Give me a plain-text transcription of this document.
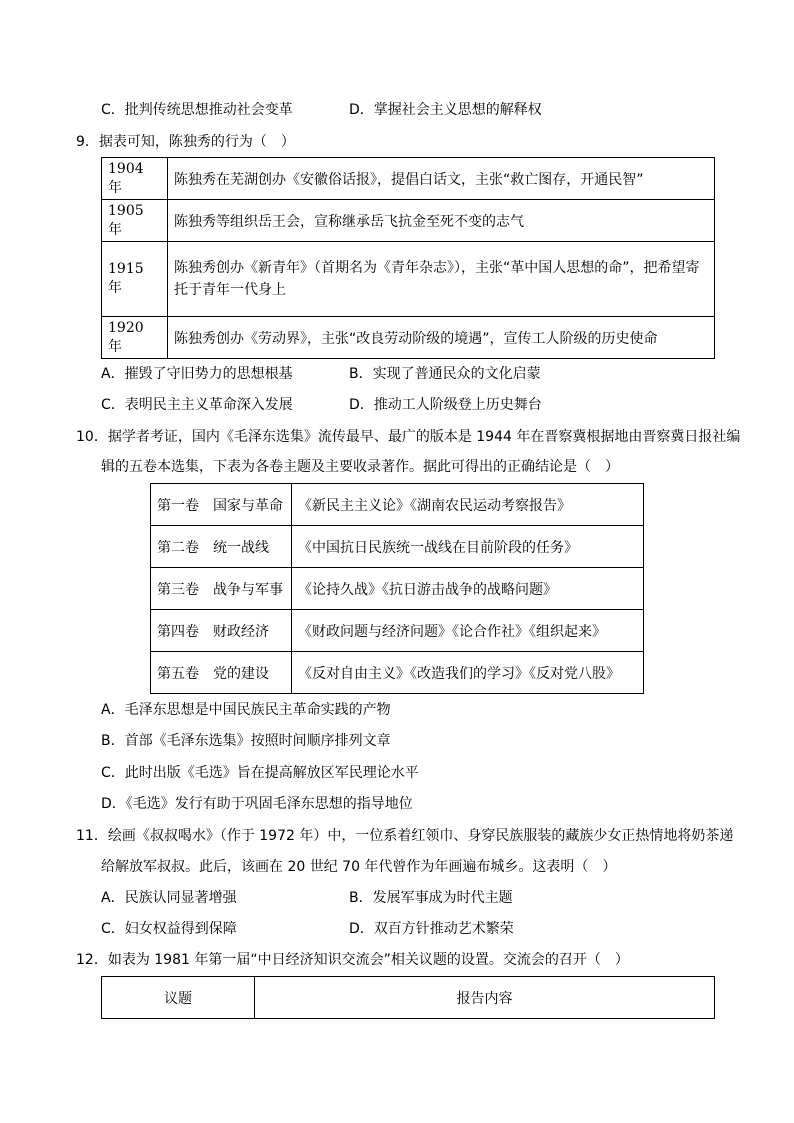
C．批判传统思想推动社会变革	D．掌握社会主义思想的解释权
9．据表可知，陈独秀的行为（　）
1904 年	陈独秀在芜湖创办《安徽俗话报》，提倡白话文，主张“救亡图存，开通民智”
1905 年	陈独秀等组织岳王会，宣称继承岳飞抗金至死不变的志气
1915 年	陈独秀创办《新青年》（首期名为《青年杂志》），主张“革中国人思想的命”，把希望寄托于青年一代身上
1920 年	陈独秀创办《劳动界》，主张“改良劳动阶级的境遇”，宣传工人阶级的历史使命
A．摧毁了守旧势力的思想根基	B．实现了普通民众的文化启蒙
C．表明民主主义革命深入发展	D．推动工人阶级登上历史舞台
10．据学者考证，国内《毛泽东选集》流传最早、最广的版本是 1944 年在晋察冀根据地由晋察冀日报社编
辑的五卷本选集，下表为各卷主题及主要收录著作。据此可得出的正确结论是（　）
第一卷　国家与革命	《新民主主义论》《湖南农民运动考察报告》
第二卷　统一战线	《中国抗日民族统一战线在目前阶段的任务》
第三卷　战争与军事	《论持久战》《抗日游击战争的战略问题》
第四卷　财政经济	《财政问题与经济问题》《论合作社》《组织起来》
第五卷　党的建设	《反对自由主义》《改造我们的学习》《反对党八股》
A．毛泽东思想是中国民族民主革命实践的产物
B．首部《毛泽东选集》按照时间顺序排列文章
C．此时出版《毛选》旨在提高解放区军民理论水平
D．《毛选》发行有助于巩固毛泽东思想的指导地位
11．绘画《叔叔喝水》（作于 1972 年）中，一位系着红领巾、身穿民族服装的藏族少女正热情地将奶茶递
给解放军叔叔。此后，该画在 20 世纪 70 年代曾作为年画遍布城乡。这表明（　）
A．民族认同显著增强	B．发展军事成为时代主题
C．妇女权益得到保障	D．双百方针推动艺术繁荣
12．如表为 1981 年第一届“中日经济知识交流会”相关议题的设置。交流会的召开（　）
议题	报告内容
